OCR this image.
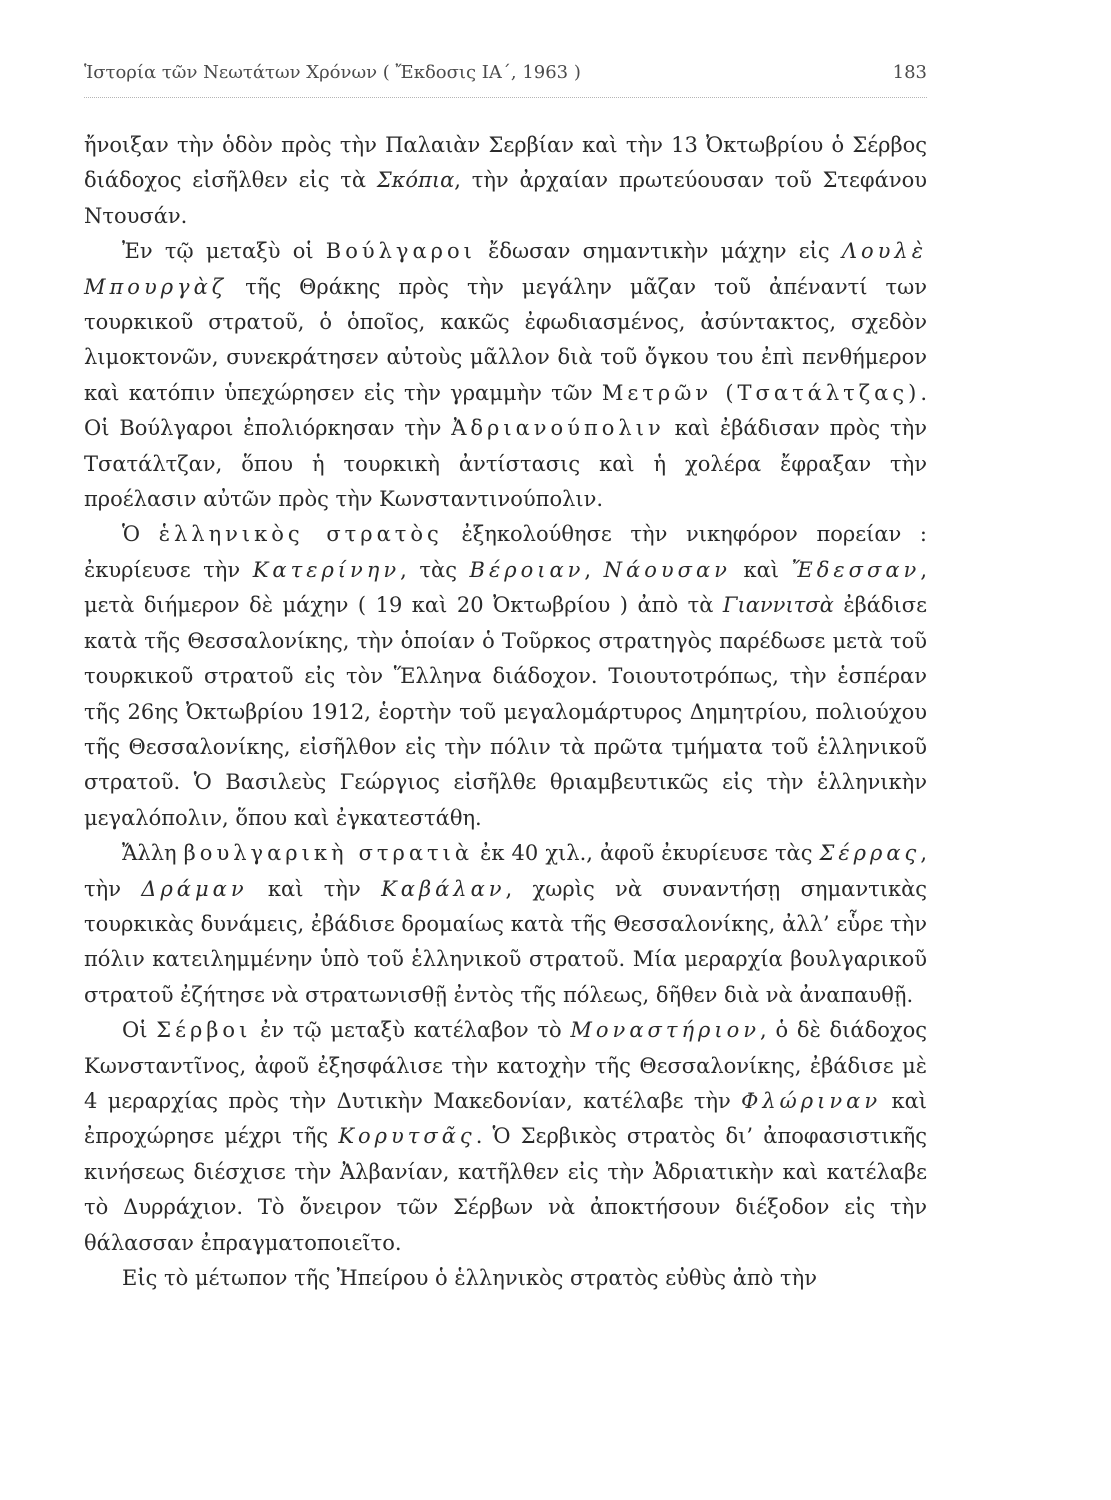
Ἱστορία τῶν Νεωτάτων Χρόνων ( Ἔκδοσις ΙΑ΄, 1963 )	183

ἤνοιξαν τὴν ὁδὸν πρὸς τὴν Παλαιὰν Σερβίαν καὶ τὴν 13 Ὀκτωβρίου ὁ Σέρβος διάδοχος εἰσῆλθεν εἰς τὰ Σκόπια, τὴν ἀρχαίαν πρωτεύουσαν τοῦ Στεφάνου Ντουσάν.

Ἐν τῷ μεταξὺ οἱ Βούλγαροι ἔδωσαν σημαντικὴν μάχην εἰς Λουλὲ Μπουργὰζ τῆς Θράκης πρὸς τὴν μεγάλην μᾶζαν τοῦ ἀπέναντί των τουρκικοῦ στρατοῦ, ὁ ὁποῖος, κακῶς ἐφωδιασμένος, ἀσύντακτος, σχεδὸν λιμοκτονῶν, συνεκράτησεν αὐτοὺς μᾶλλον διὰ τοῦ ὄγκου του ἐπὶ πενθήμερον καὶ κατόπιν ὑπεχώρησεν εἰς τὴν γραμμὴν τῶν Μετρῶν (Τσατάλτζας). Οἱ Βούλγαροι ἐπολιόρκησαν τὴν Ἀδριανούπολιν καὶ ἐβάδισαν πρὸς τὴν Τσατάλτζαν, ὅπου ἡ τουρκικὴ ἀντίστασις καὶ ἡ χολέρα ἔφραξαν τὴν προέλασιν αὐτῶν πρὸς τὴν Κωνσταντινούπολιν.

Ὁ ἑλληνικὸς στρατὸς ἐξηκολούθησε τὴν νικηφόρον πορείαν : ἐκυρίευσε τὴν Κατερίνην, τὰς Βέροιαν, Νάουσαν καὶ Ἔδεσσαν, μετὰ διήμερον δὲ μάχην ( 19 καὶ 20 Ὀκτωβρίου ) ἀπὸ τὰ Γιαννιτσὰ ἐβάδισε κατὰ τῆς Θεσσαλονίκης, τὴν ὁποίαν ὁ Τοῦρκος στρατηγὸς παρέδωσε μετὰ τοῦ τουρκικοῦ στρατοῦ εἰς τὸν Ἕλληνα διάδοχον. Τοιουτοτρόπως, τὴν ἑσπέραν τῆς 26ης Ὀκτωβρίου 1912, ἑορτὴν τοῦ μεγαλομάρτυρος Δημητρίου, πολιούχου τῆς Θεσσαλονίκης, εἰσῆλθον εἰς τὴν πόλιν τὰ πρῶτα τμήματα τοῦ ἑλληνικοῦ στρατοῦ. Ὁ Βασιλεὺς Γεώργιος εἰσῆλθε θριαμβευτικῶς εἰς τὴν ἑλληνικὴν μεγαλόπολιν, ὅπου καὶ ἐγκατεστάθη.

Ἄλλη βουλγαρικὴ στρατιὰ ἐκ 40 χιλ., ἀφοῦ ἐκυρίευσε τὰς Σέρρας, τὴν Δράμαν καὶ τὴν Καβάλαν, χωρὶς νὰ συναντήσῃ σημαντικὰς τουρκικὰς δυνάμεις, ἐβάδισε δρομαίως κατὰ τῆς Θεσσαλονίκης, ἀλλ’ εὗρε τὴν πόλιν κατειλημμένην ὑπὸ τοῦ ἑλληνικοῦ στρατοῦ. Μία μεραρχία βουλγαρικοῦ στρατοῦ ἐζήτησε νὰ στρατωνισθῇ ἐντὸς τῆς πόλεως, δῆθεν διὰ νὰ ἀναπαυθῇ.

Οἱ Σέρβοι ἐν τῷ μεταξὺ κατέλαβον τὸ Μοναστήριον, ὁ δὲ διάδοχος Κωνσταντῖνος, ἀφοῦ ἐξησφάλισε τὴν κατοχὴν τῆς Θεσσαλονίκης, ἐβάδισε μὲ 4 μεραρχίας πρὸς τὴν Δυτικὴν Μακεδονίαν, κατέλαβε τὴν Φλώριναν καὶ ἐπροχώρησε μέχρι τῆς Κορυτσᾶς. Ὁ Σερβικὸς στρατὸς δι’ ἀποφασιστικῆς κινήσεως διέσχισε τὴν Ἀλβανίαν, κατῆλθεν εἰς τὴν Ἀδριατικὴν καὶ κατέλαβε τὸ Δυρράχιον. Τὸ ὄνειρον τῶν Σέρβων νὰ ἀποκτήσουν διέξοδον εἰς τὴν θάλασσαν ἐπραγματοποιεῖτο.

Εἰς τὸ μέτωπον τῆς Ἠπείρου ὁ ἑλληνικὸς στρατὸς εὐθὺς ἀπὸ τὴν
